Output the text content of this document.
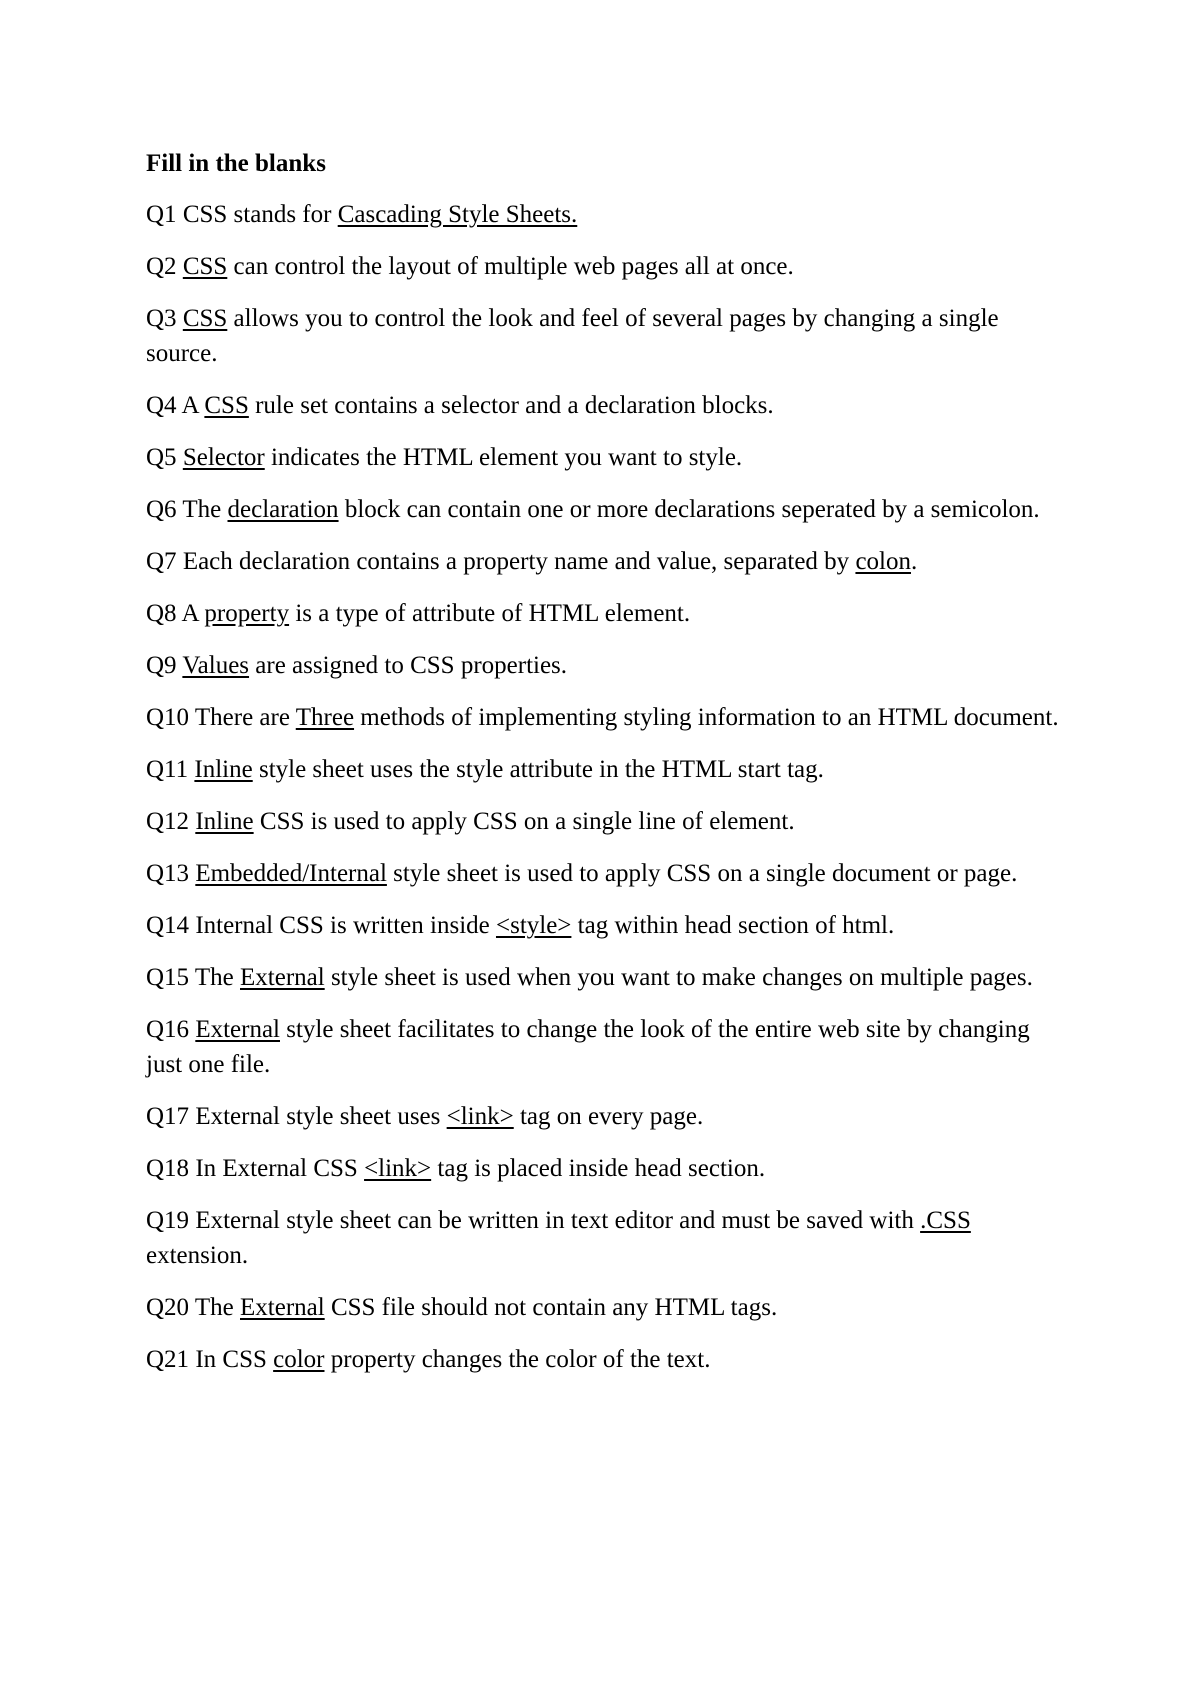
Fill in the blanks
Q1 CSS stands for Cascading Style Sheets.
Q2 CSS can control the layout of multiple web pages all at once.
Q3 CSS allows you to control the look and feel of several pages by changing a single source.
Q4 A CSS rule set contains a selector and a declaration blocks.
Q5 Selector indicates the HTML element you want to style.
Q6 The declaration block can contain one or more declarations seperated by a semicolon.
Q7 Each declaration contains a property name and value, separated by colon.
Q8 A property is a type of attribute of HTML element.
Q9 Values are assigned to CSS properties.
Q10 There are Three methods of implementing styling information to an HTML document.
Q11 Inline style sheet uses the style attribute in the HTML start tag.
Q12 Inline CSS is used to apply CSS on a single line of element.
Q13 Embedded/Internal style sheet is used to apply CSS on a single document or page.
Q14 Internal CSS is written inside <style> tag within head section of html.
Q15 The External style sheet is used when you want to make changes on multiple pages.
Q16 External style sheet facilitates to change the look of the entire web site by changing just one file.
Q17 External style sheet uses <link> tag on every page.
Q18 In External CSS <link> tag is placed inside head section.
Q19 External style sheet can be written in text editor and must be saved with .CSS extension.
Q20 The External CSS file should not contain any HTML tags.
Q21 In CSS color property changes the color of the text.
